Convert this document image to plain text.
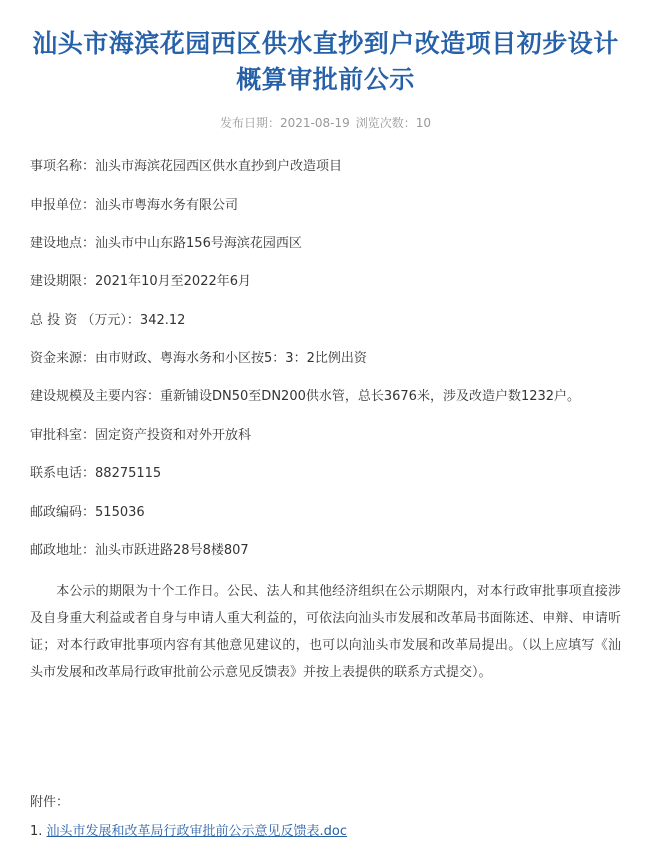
汕头市海滨花园西区供水直抄到户改造项目初步设计概算审批前公示
发布日期：2021-08-19 浏览次数：10
事项名称：汕头市海滨花园西区供水直抄到户改造项目
申报单位：汕头市粤海水务有限公司
建设地点：汕头市中山东路156号海滨花园西区
建设期限：2021年10月至2022年6月
总 投 资 （万元）：342.12
资金来源：由市财政、粤海水务和小区按5：3：2比例出资
建设规模及主要内容：重新铺设DN50至DN200供水管，总长3676米，涉及改造户数1232户。
审批科室：固定资产投资和对外开放科
联系电话：88275115
邮政编码：515036
邮政地址：汕头市跃进路28号8楼807

　　本公示的期限为十个工作日。公民、法人和其他经济组织在公示期限内，对本行政审批事项直接涉及自身重大利益或者自身与申请人重大利益的，可依法向汕头市发展和改革局书面陈述、申辩、申请听证；对本行政审批事项内容有其他意见建议的，也可以向汕头市发展和改革局提出。（以上应填写《汕头市发展和改革局行政审批前公示意见反馈表》并按上表提供的联系方式提交）。

附件：
1. 汕头市发展和改革局行政审批前公示意见反馈表.doc
